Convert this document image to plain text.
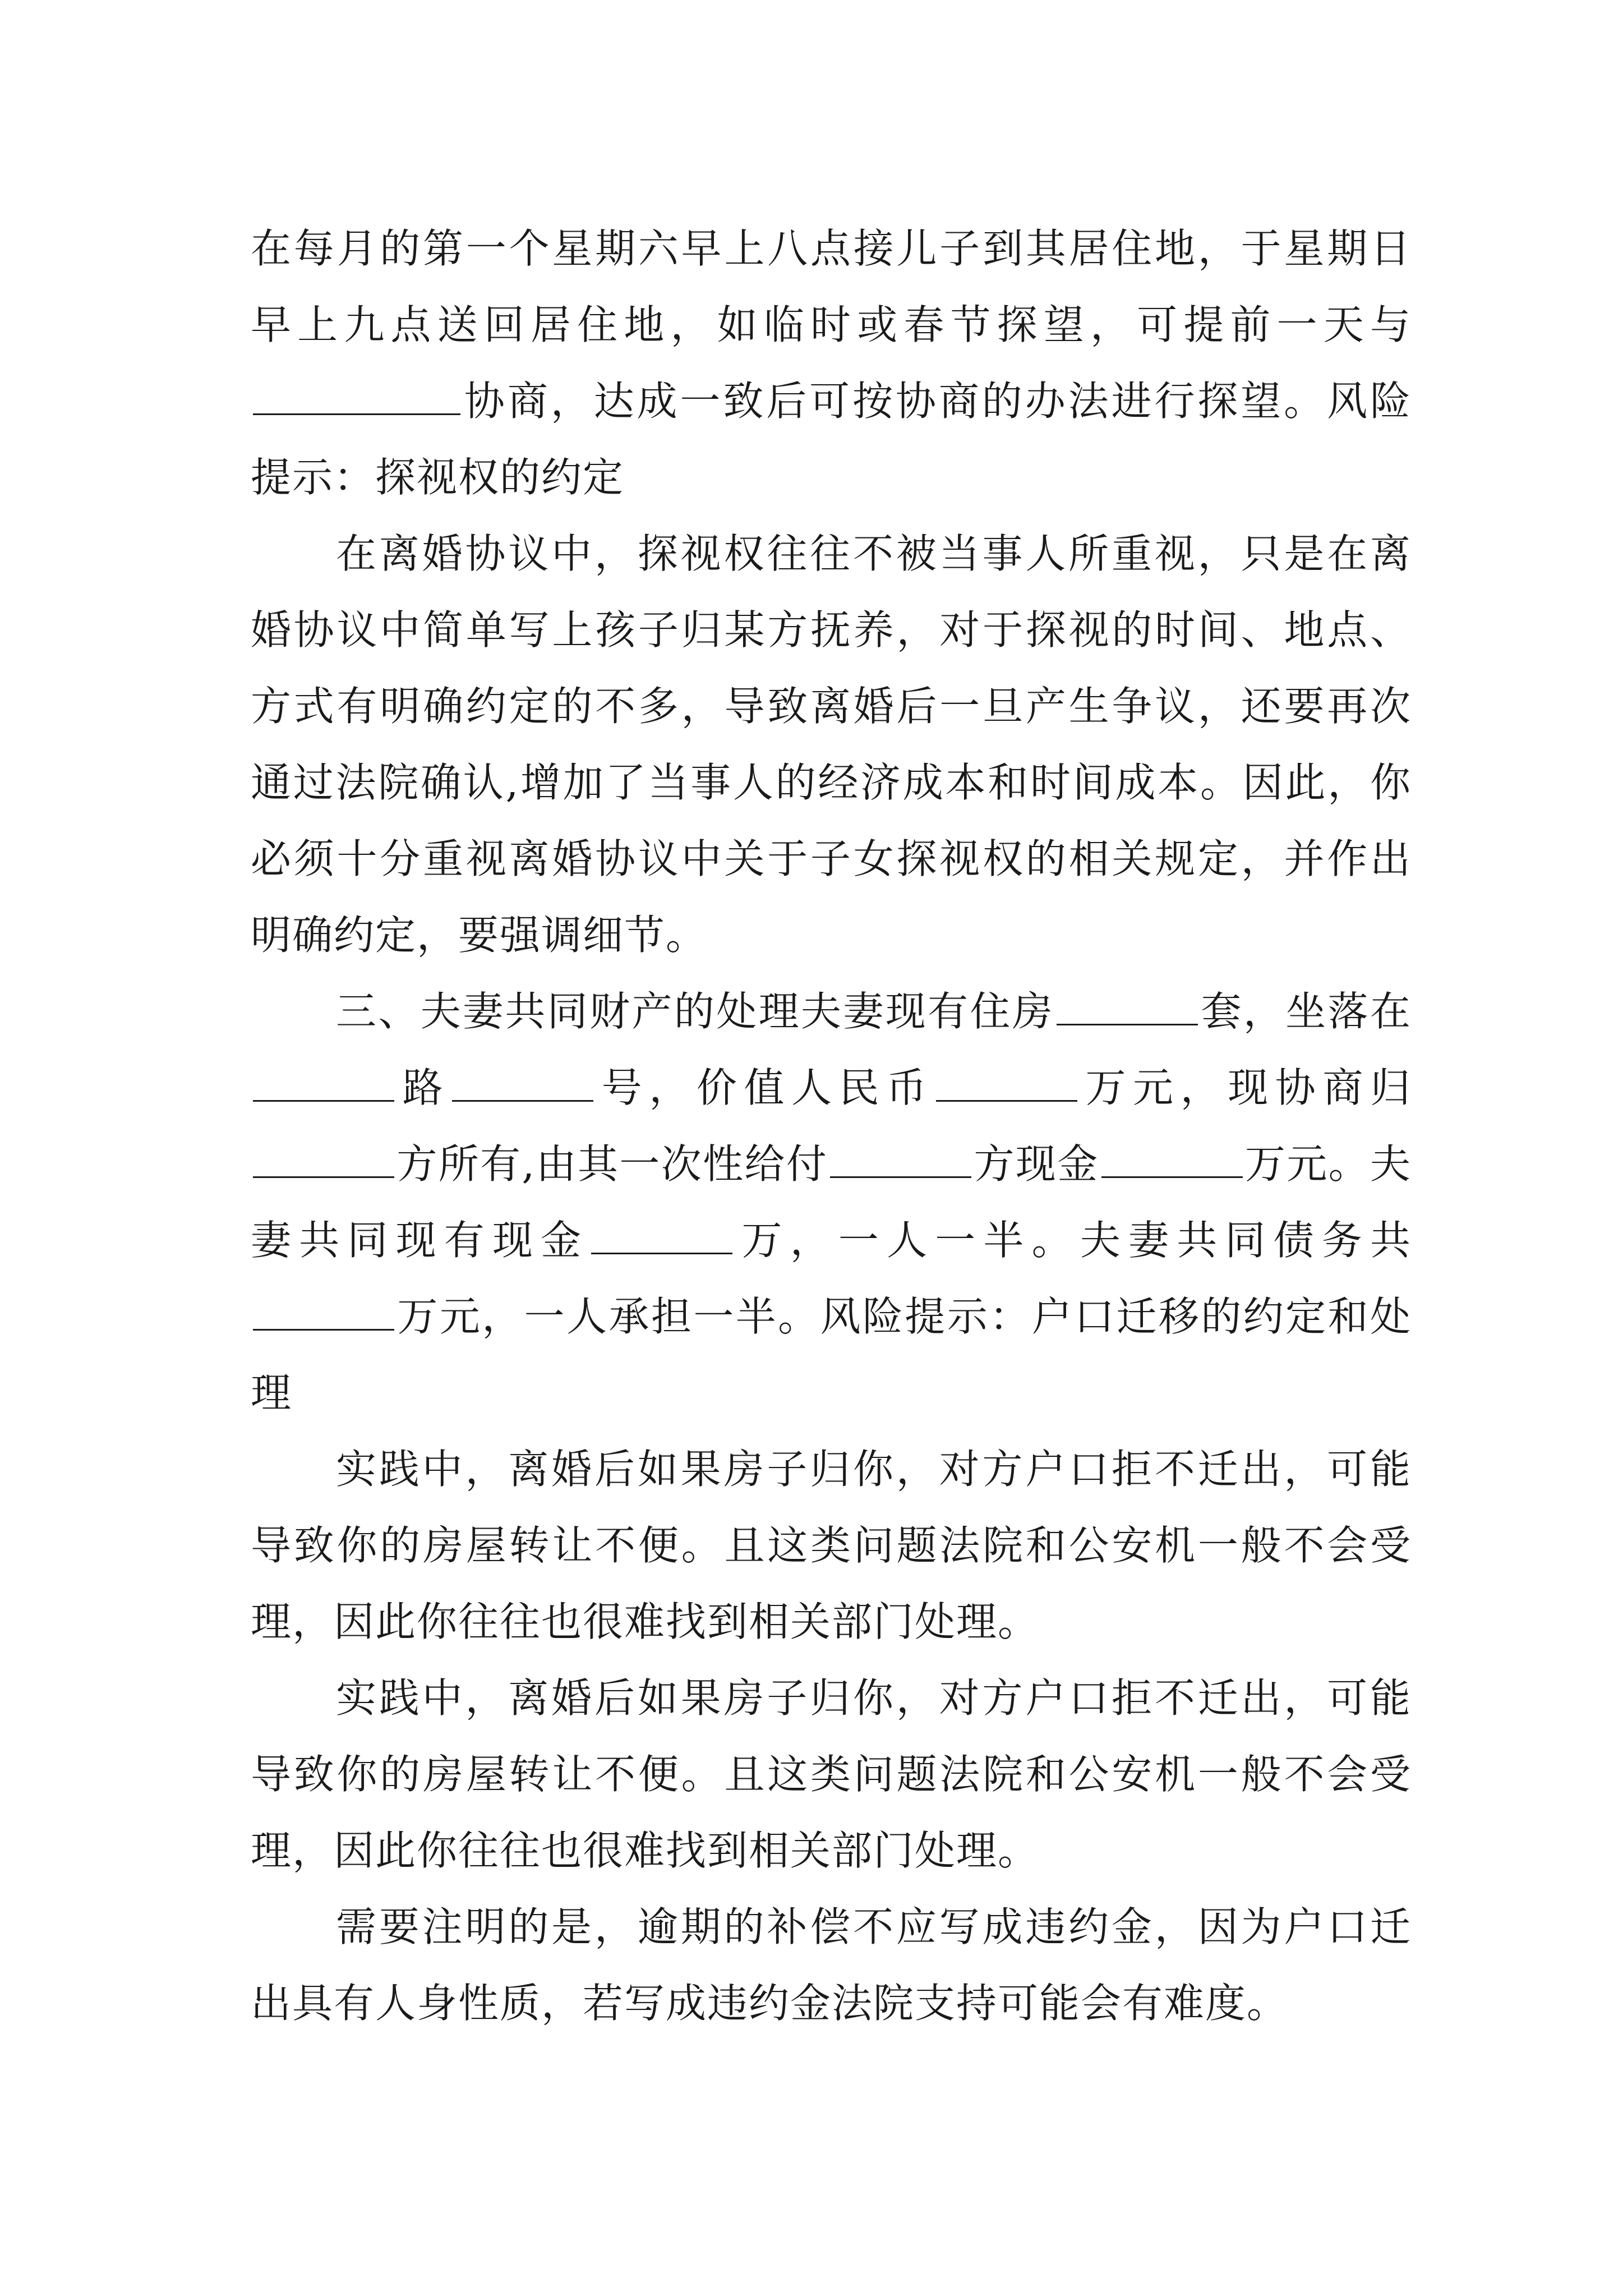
在每月的第一个星期六早上八点接儿子到其居住地，于星期日早上九点送回居住地，如临时或春节探望，可提前一天与协商，达成一致后可按协商的办法进行探望。风险提示：探视权的约定

在离婚协议中，探视权往往不被当事人所重视，只是在离婚协议中简单写上孩子归某方抚养，对于探视的时间、地点、方式有明确约定的不多，导致离婚后一旦产生争议，还要再次通过法院确认,增加了当事人的经济成本和时间成本。因此，你必须十分重视离婚协议中关于子女探视权的相关规定，并作出明确约定，要强调细节。

三、夫妻共同财产的处理夫妻现有住房	套，坐落在路	号，价值人民币	万元，现协商归方所有,由其一次性给付	方现金	万元。夫妻共同现有现金	万，一人一半。夫妻共同债务共万元，一人承担一半。风险提示：户口迁移的约定和处理

实践中，离婚后如果房子归你，对方户口拒不迁出，可能导致你的房屋转让不便。且这类问题法院和公安机一般不会受理，因此你往往也很难找到相关部门处理。

实践中，离婚后如果房子归你，对方户口拒不迁出，可能导致你的房屋转让不便。且这类问题法院和公安机一般不会受理，因此你往往也很难找到相关部门处理。

需要注明的是，逾期的补偿不应写成违约金，因为户口迁出具有人身性质，若写成违约金法院支持可能会有难度。
